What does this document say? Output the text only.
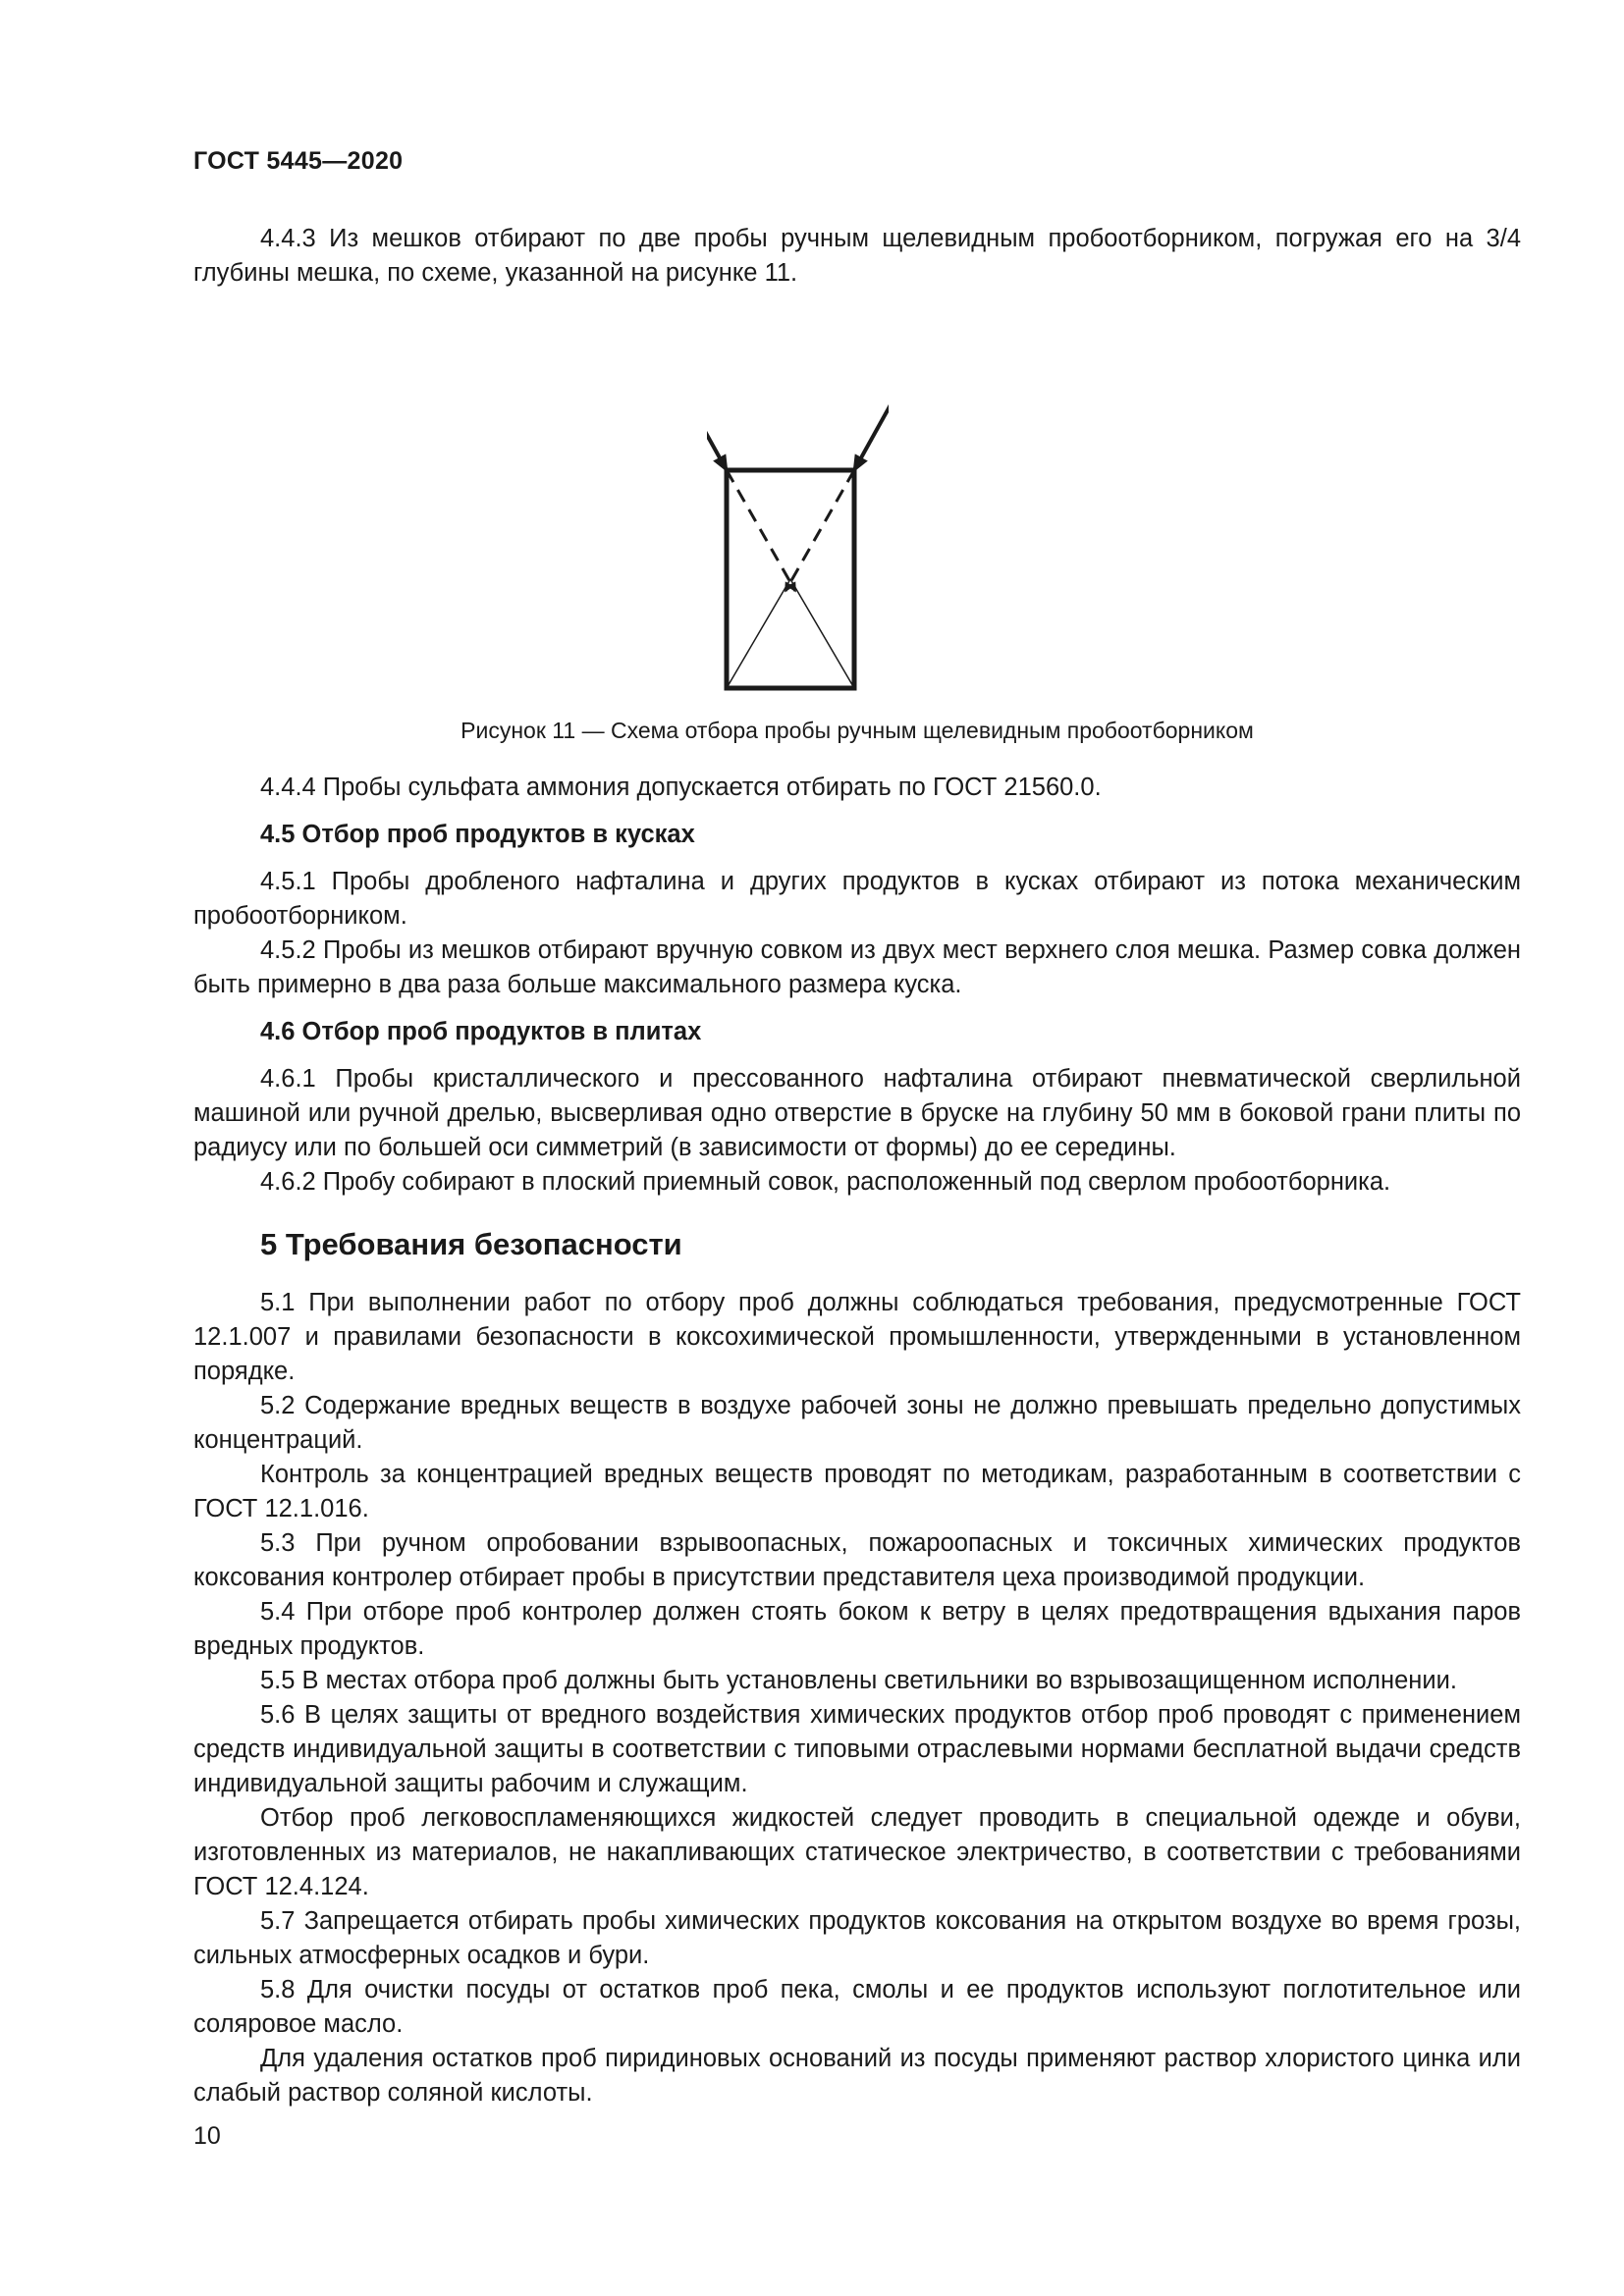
ГОСТ 5445—2020

4.4.3 Из мешков отбирают по две пробы ручным щелевидным пробоотборником, погружая его на 3/4 глубины мешка, по схеме, указанной на рисунке 11.

Рисунок 11 — Схема отбора пробы ручным щелевидным пробоотборником

4.4.4 Пробы сульфата аммония допускается отбирать по ГОСТ 21560.0.

4.5 Отбор проб продуктов в кусках

4.5.1 Пробы дробленого нафталина и других продуктов в кусках отбирают из потока механическим пробоотборником.

4.5.2 Пробы из мешков отбирают вручную совком из двух мест верхнего слоя мешка. Размер совка должен быть примерно в два раза больше максимального размера куска.

4.6 Отбор проб продуктов в плитах

4.6.1 Пробы кристаллического и прессованного нафталина отбирают пневматической сверлильной машиной или ручной дрелью, высверливая одно отверстие в бруске на глубину 50 мм в боковой грани плиты по радиусу или по большей оси симметрий (в зависимости от формы) до ее середины.

4.6.2 Пробу собирают в плоский приемный совок, расположенный под сверлом пробоотборника.

5 Требования безопасности

5.1 При выполнении работ по отбору проб должны соблюдаться требования, предусмотренные ГОСТ 12.1.007 и правилами безопасности в коксохимической промышленности, утвержденными в установленном порядке.

5.2 Содержание вредных веществ в воздухе рабочей зоны не должно превышать предельно допустимых концентраций.

Контроль за концентрацией вредных веществ проводят по методикам, разработанным в соответствии с ГОСТ 12.1.016.

5.3 При ручном опробовании взрывоопасных, пожароопасных и токсичных химических продуктов коксования контролер отбирает пробы в присутствии представителя цеха производимой продукции.

5.4 При отборе проб контролер должен стоять боком к ветру в целях предотвращения вдыхания паров вредных продуктов.

5.5 В местах отбора проб должны быть установлены светильники во взрывозащищенном исполнении.

5.6 В целях защиты от вредного воздействия химических продуктов отбор проб проводят с применением средств индивидуальной защиты в соответствии с типовыми отраслевыми нормами бесплатной выдачи средств индивидуальной защиты рабочим и служащим.

Отбор проб легковоспламеняющихся жидкостей следует проводить в специальной одежде и обуви, изготовленных из материалов, не накапливающих статическое электричество, в соответствии с требованиями ГОСТ 12.4.124.

5.7 Запрещается отбирать пробы химических продуктов коксования на открытом воздухе во время грозы, сильных атмосферных осадков и бури.

5.8 Для очистки посуды от остатков проб пека, смолы и ее продуктов используют поглотительное или соляровое масло.

Для удаления остатков проб пиридиновых оснований из посуды применяют раствор хлористого цинка или слабый раствор соляной кислоты.

10
